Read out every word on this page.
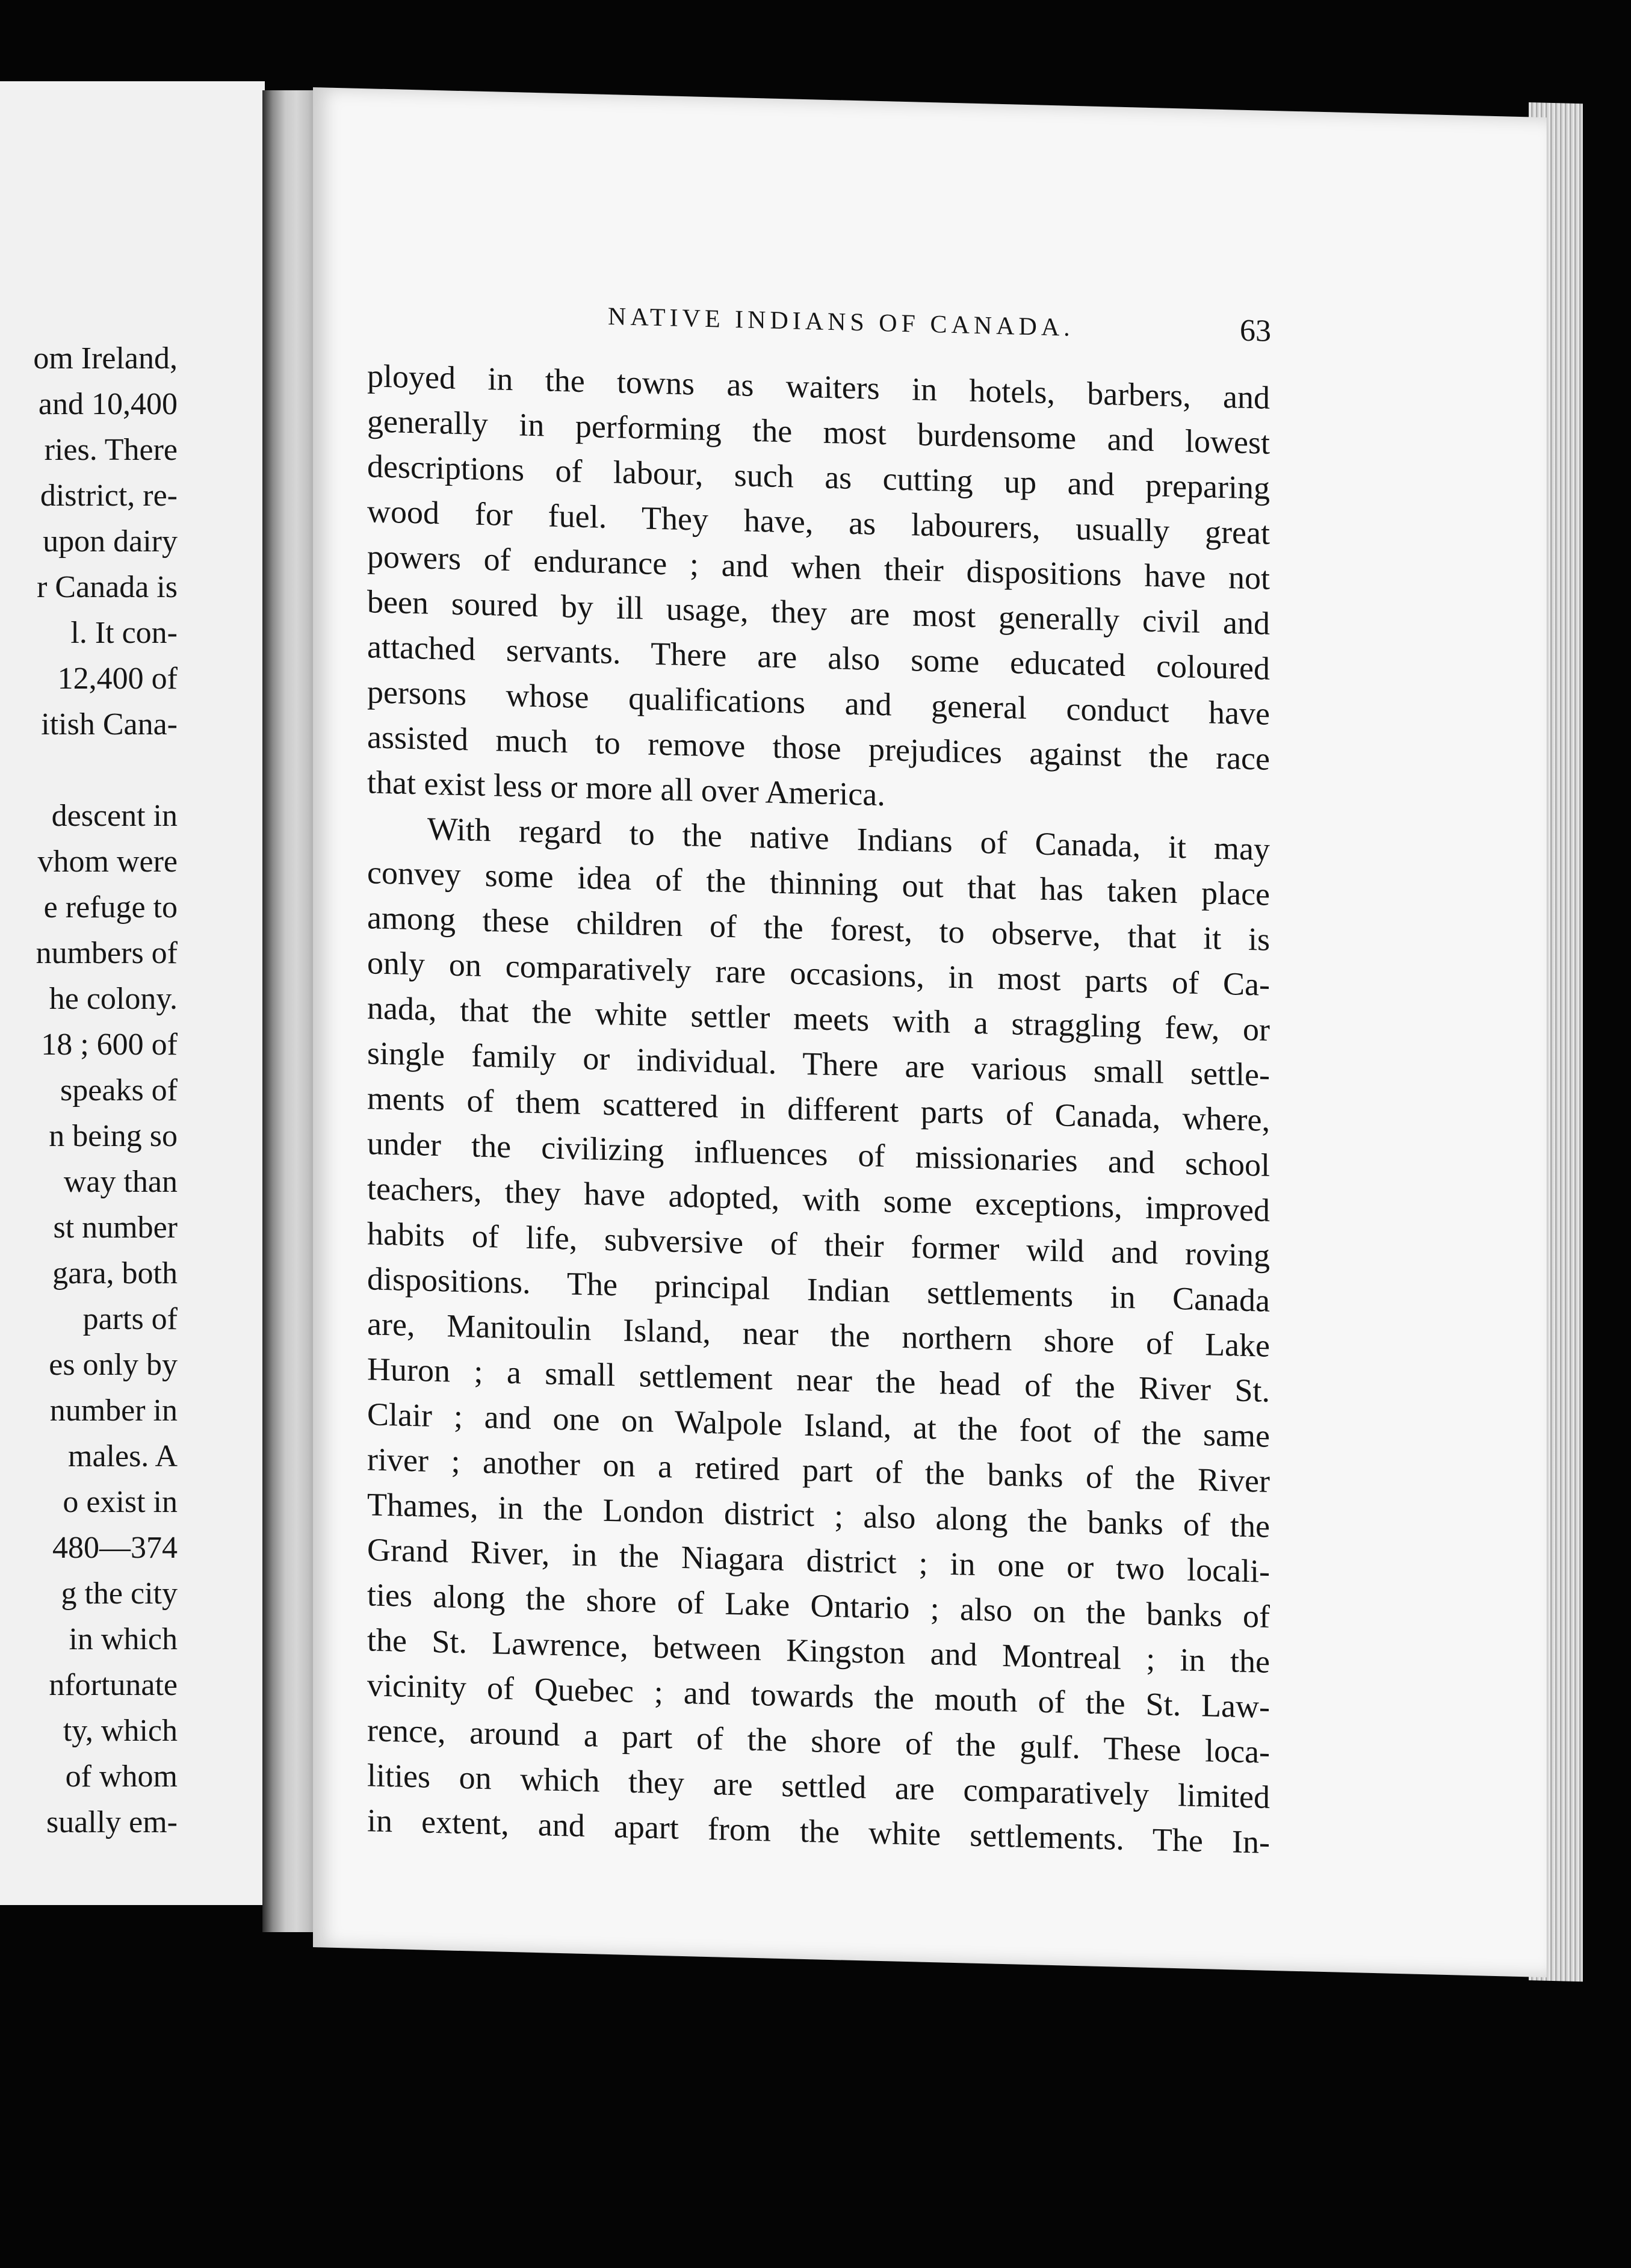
om Ireland,
and 10,400
ries. There
district, re-
upon dairy
r Canada is
l. It con-
12,400 of
itish Cana-
descent in
vhom were
e refuge to
numbers of
he colony.
18 ; 600 of
speaks of
n being so
way than
st number
gara, both
parts of
es only by
number in
males. A
o exist in
480—374
g the city
in which
nfortunate
ty, which
of whom
sually em-
NATIVE INDIANS OF CANADA.	63
ployed in the towns as waiters in hotels, barbers, and
generally in performing the most burdensome and lowest
descriptions of labour, such as cutting up and preparing
wood for fuel. They have, as labourers, usually great
powers of endurance ; and when their dispositions have not
been soured by ill usage, they are most generally civil and
attached servants. There are also some educated coloured
persons whose qualifications and general conduct have
assisted much to remove those prejudices against the race
that exist less or more all over America.
With regard to the native Indians of Canada, it may
convey some idea of the thinning out that has taken place
among these children of the forest, to observe, that it is
only on comparatively rare occasions, in most parts of Ca-
nada, that the white settler meets with a straggling few, or
single family or individual. There are various small settle-
ments of them scattered in different parts of Canada, where,
under the civilizing influences of missionaries and school
teachers, they have adopted, with some exceptions, improved
habits of life, subversive of their former wild and roving
dispositions. The principal Indian settlements in Canada
are, Manitoulin Island, near the northern shore of Lake
Huron ; a small settlement near the head of the River St.
Clair ; and one on Walpole Island, at the foot of the same
river ; another on a retired part of the banks of the River
Thames, in the London district ; also along the banks of the
Grand River, in the Niagara district ; in one or two locali-
ties along the shore of Lake Ontario ; also on the banks of
the St. Lawrence, between Kingston and Montreal ; in the
vicinity of Quebec ; and towards the mouth of the St. Law-
rence, around a part of the shore of the gulf. These loca-
lities on which they are settled are comparatively limited
in extent, and apart from the white settlements. The In-
